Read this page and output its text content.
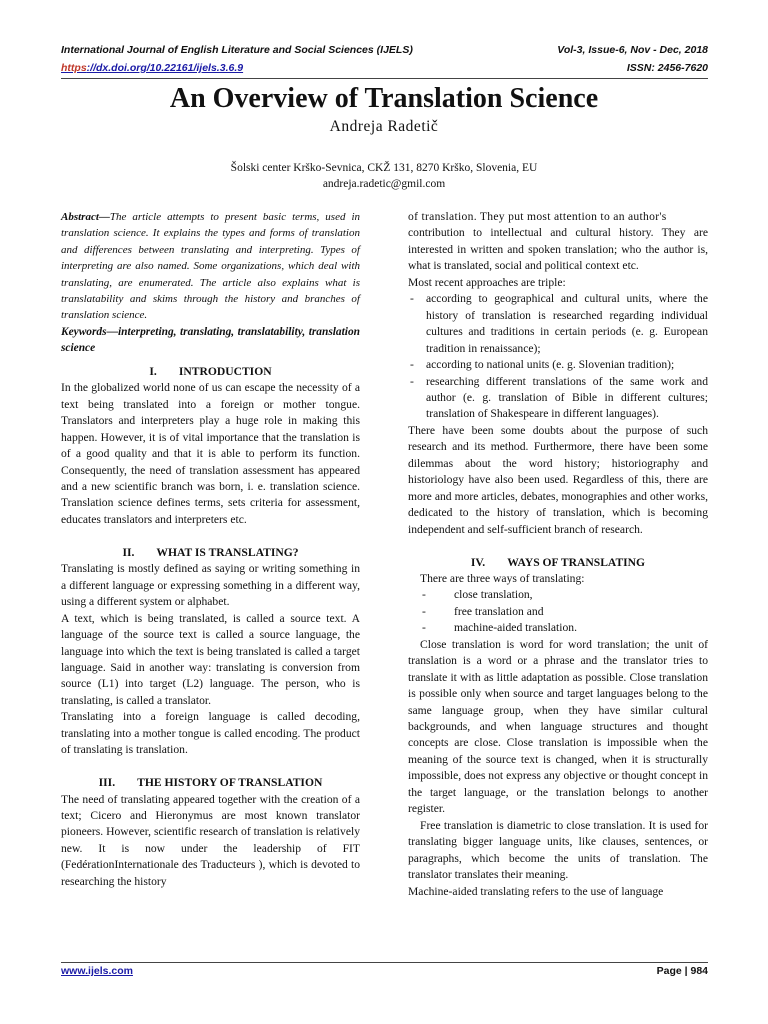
International Journal of English Literature and Social Sciences (IJELS)	Vol-3, Issue-6, Nov - Dec, 2018
https://dx.doi.org/10.22161/ijels.3.6.9	ISSN: 2456-7620
An Overview of Translation Science
Andreja Radetič
Šolski center Krško-Sevnica, CKŽ 131, 8270 Krško, Slovenia, EU
andreja.radetic@gmil.com

Abstract—The article attempts to present basic terms, used in translation science. It explains the types and forms of translation and differences between translating and interpreting. Types of interpreting are also named. Some organizations, which deal with translating, are enumerated. The article also explains what is translatability and skims through the history and branches of translation science.

Keywords—interpreting, translating, translatability, translation science

I. INTRODUCTION

In the globalized world none of us can escape the necessity of a text being translated into a foreign or mother tongue. Translators and interpreters play a huge role in making this happen. However, it is of vital importance that the translation is of a good quality and that it is able to perform its function. Consequently, the need of translation assessment has appeared and a new scientific branch was born, i. e. translation science. Translation science defines terms, sets criteria for assessment, educates translators and interpreters etc.

II. WHAT IS TRANSLATING?

Translating is mostly defined as saying or writing something in a different language or expressing something in a different way, using a different system or alphabet.

A text, which is being translated, is called a source text. A language of the source text is called a source language, the language into which the text is being translated is called a target language. Said in another way: translating is conversion from source (L1) into target (L2) language. The person, who is translating, is called a translator.

Translating into a foreign language is called decoding, translating into a mother tongue is called encoding. The product of translating is translation.

III. THE HISTORY OF TRANSLATION

The need of translating appeared together with the creation of a text; Cicero and Hieronymus are most known translator pioneers. However, scientific research of translation is relatively new. It is now under the leadership of FIT (FedérationInternationale des Traducteurs ), which is devoted to researching the history

of translation. They put most attention to an author's

contribution to intellectual and cultural history. They are interested in written and spoken translation; who the author is, what is translated, social and political context etc.

Most recent approaches are triple:

- according to geographical and cultural units, where the history of translation is researched regarding individual cultures and traditions in certain periods (e. g. European tradition in renaissance);
- according to national units (e. g. Slovenian tradition);
- researching different translations of the same work and author (e. g. translation of Bible in different cultures; translation of Shakespeare in different languages).

There have been some doubts about the purpose of such research and its method. Furthermore, there have been some dilemmas about the word history; historiography and historiology have also been used. Regardless of this, there are more and more articles, debates, monographies and other works, dedicated to the history of translation, which is becoming independent and self-sufficient branch of research.

IV. WAYS OF TRANSLATING

There are three ways of translating:

- close translation,
- free translation and
- machine-aided translation.

Close translation is word for word translation; the unit of translation is a word or a phrase and the translator tries to translate it with as little adaptation as possible. Close translation is possible only when source and target languages belong to the same language group, when they have similar cultural backgrounds, and when language structures and thought concepts are close. Close translation is impossible when the meaning of the source text is changed, when it is structurally impossible, does not express any objective or thought concept in the target language, or the translation belongs to another register.

Free translation is diametric to close translation. It is used for translating bigger language units, like clauses, sentences, or paragraphs, which become the units of translation. The translator translates their meaning.

Machine-aided translating refers to the use of language

www.ijels.com	Page | 984
